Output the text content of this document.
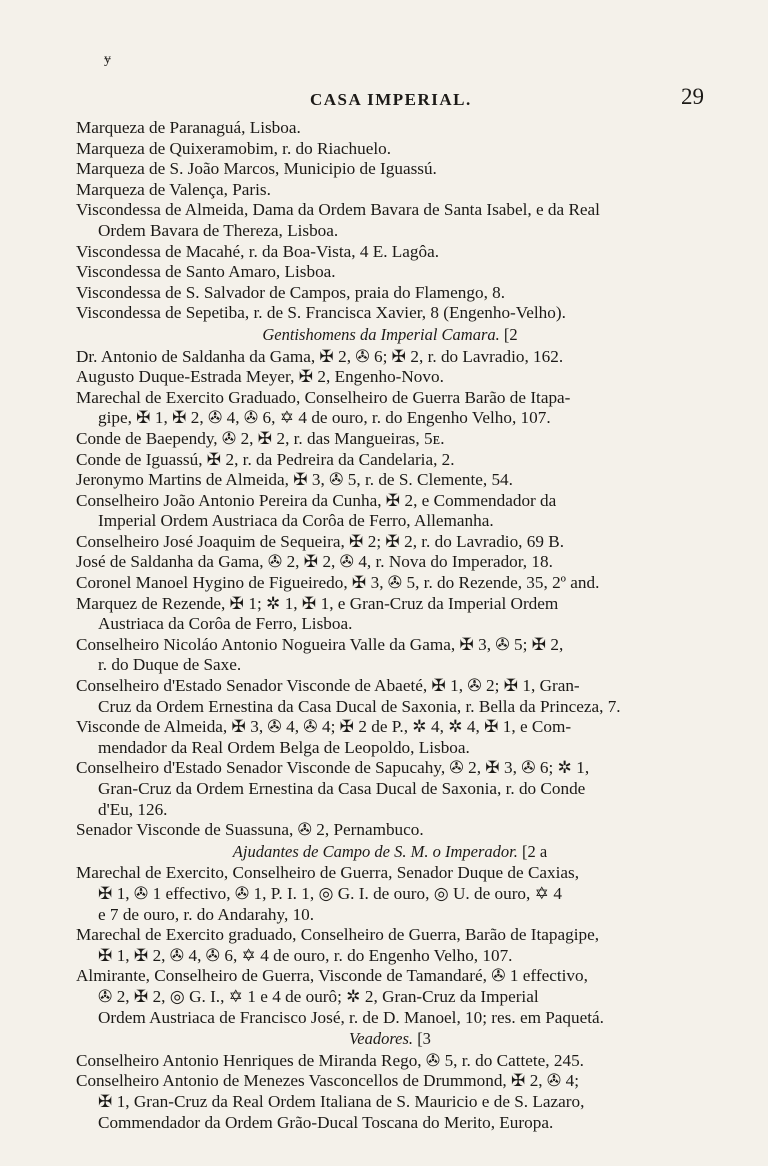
ɏ
CASA IMPERIAL.	29
Marqueza de Paranaguá, Lisboa.
Marqueza de Quixeramobim, r. do Riachuelo.
Marqueza de S. João Marcos, Municipio de Iguassú.
Marqueza de Valença, Paris.
Viscondessa de Almeida, Dama da Ordem Bavara de Santa Isabel, e da Real
Ordem Bavara de Thereza, Lisboa.
Viscondessa de Macahé, r. da Boa-Vista, 4 E. Lagôa.
Viscondessa de Santo Amaro, Lisboa.
Viscondessa de S. Salvador de Campos, praia do Flamengo, 8.
Viscondessa de Sepetiba, r. de S. Francisca Xavier, 8 (Engenho-Velho).
Gentishomens da Imperial Camara. [2
Dr. Antonio de Saldanha da Gama, ✠ 2, ✇ 6; ✠ 2, r. do Lavradio, 162.
Augusto Duque-Estrada Meyer, ✠ 2, Engenho-Novo.
Marechal de Exercito Graduado, Conselheiro de Guerra Barão de Itapa-
gipe, ✠ 1, ✠ 2, ✇ 4, ✇ 6, ✡ 4 de ouro, r. do Engenho Velho, 107.
Conde de Baependy, ✇ 2, ✠ 2, r. das Mangueiras, 5ᴇ.
Conde de Iguassú, ✠ 2, r. da Pedreira da Candelaria, 2.
Jeronymo Martins de Almeida, ✠ 3, ✇ 5, r. de S. Clemente, 54.
Conselheiro João Antonio Pereira da Cunha, ✠ 2, e Commendador da
Imperial Ordem Austriaca da Corôa de Ferro, Allemanha.
Conselheiro José Joaquim de Sequeira, ✠ 2; ✠ 2, r. do Lavradio, 69 B.
José de Saldanha da Gama, ✇ 2, ✠ 2, ✇ 4, r. Nova do Imperador, 18.
Coronel Manoel Hygino de Figueiredo, ✠ 3, ✇ 5, r. do Rezende, 35, 2º and.
Marquez de Rezende, ✠ 1; ✲ 1, ✠ 1, e Gran-Cruz da Imperial Ordem
Austriaca da Corôa de Ferro, Lisboa.
Conselheiro Nicoláo Antonio Nogueira Valle da Gama, ✠ 3, ✇ 5; ✠ 2,
r. do Duque de Saxe.
Conselheiro d'Estado Senador Visconde de Abaeté, ✠ 1, ✇ 2; ✠ 1, Gran-
Cruz da Ordem Ernestina da Casa Ducal de Saxonia, r. Bella da Princeza, 7.
Visconde de Almeida, ✠ 3, ✇ 4, ✇ 4; ✠ 2 de P., ✲ 4, ✲ 4, ✠ 1, e Com-
mendador da Real Ordem Belga de Leopoldo, Lisboa.
Conselheiro d'Estado Senador Visconde de Sapucahy, ✇ 2, ✠ 3, ✇ 6; ✲ 1,
Gran-Cruz da Ordem Ernestina da Casa Ducal de Saxonia, r. do Conde
d'Eu, 126.
Senador Visconde de Suassuna, ✇ 2, Pernambuco.
Ajudantes de Campo de S. M. o Imperador. [2 a
Marechal de Exercito, Conselheiro de Guerra, Senador Duque de Caxias,
✠ 1, ✇ 1 effectivo, ✇ 1, P. I. 1, ◎ G. I. de ouro, ◎ U. de ouro, ✡ 4
e 7 de ouro, r. do Andarahy, 10.
Marechal de Exercito graduado, Conselheiro de Guerra, Barão de Itapagipe,
✠ 1, ✠ 2, ✇ 4, ✇ 6, ✡ 4 de ouro, r. do Engenho Velho, 107.
Almirante, Conselheiro de Guerra, Visconde de Tamandaré, ✇ 1 effectivo,
✇ 2, ✠ 2, ◎ G. I., ✡ 1 e 4 de ourô; ✲ 2, Gran-Cruz da Imperial
Ordem Austriaca de Francisco José, r. de D. Manoel, 10; res. em Paquetá.
Veadores. [3
Conselheiro Antonio Henriques de Miranda Rego, ✇ 5, r. do Cattete, 245.
Conselheiro Antonio de Menezes Vasconcellos de Drummond, ✠ 2, ✇ 4;
✠ 1, Gran-Cruz da Real Ordem Italiana de S. Mauricio e de S. Lazaro,
Commendador da Ordem Grão-Ducal Toscana do Merito, Europa.
